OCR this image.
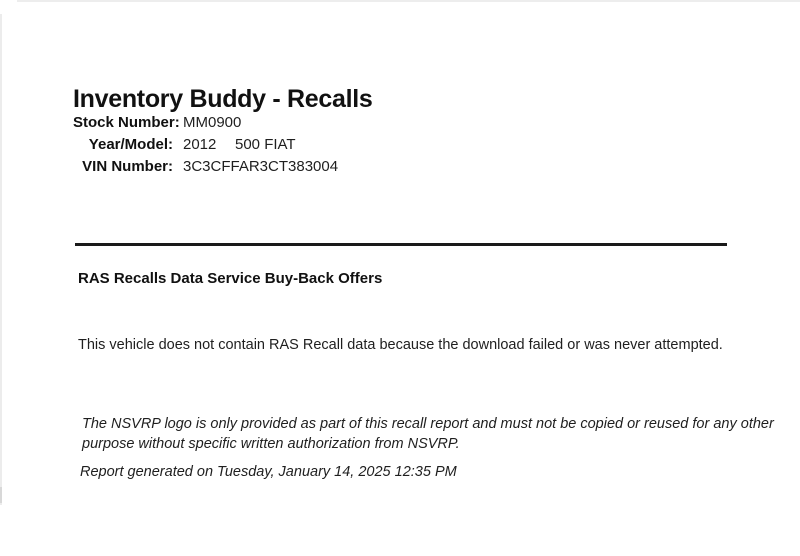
Inventory Buddy - Recalls
Stock Number: MM0900
Year/Model: 2012	500 FIAT
VIN Number: 3C3CFFAR3CT383004
RAS Recalls Data Service Buy-Back Offers
This vehicle does not contain RAS Recall data because the download failed or was never attempted.
The NSVRP logo is only provided as part of this recall report and must not be copied or reused for any other
purpose without specific written authorization from NSVRP.
Report generated on Tuesday, January 14, 2025 12:35 PM
